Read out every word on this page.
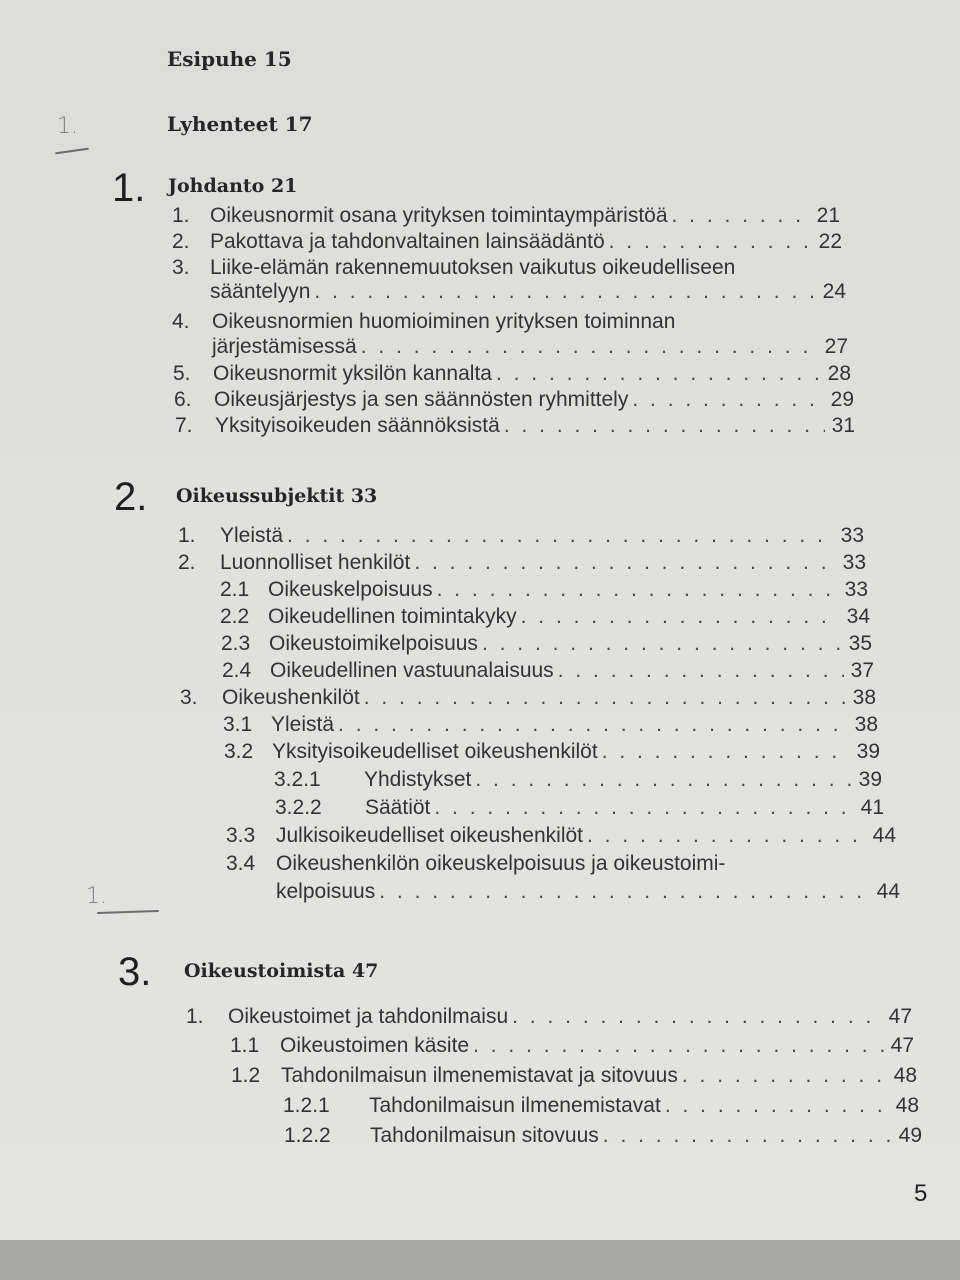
Esipuhe 15
Lyhenteet 17
1.
1.
1. Johdanto 21
1. Oikeusnormit osana yrityksen toimintaympäristöä . . .	21
2. Pakottava ja tahdonvaltainen lainsäädäntö . . .	22
3. Liike-elämän rakennemuutoksen vaikutus oikeudelliseen
sääntelyyn . . .	24
4.	Oikeusnormien huomioiminen yrityksen toiminnan
järjestämisessä . . .	27
5.	Oikeusnormit yksilön kannalta . . .	28
6.	Oikeusjärjestys ja sen säännösten ryhmittely . . .	29
7.	Yksityisoikeuden säännöksistä . . .	31
2. Oikeussubjektit 33
1.	Yleistä . . .	33
2.	Luonnolliset henkilöt . . .	33
2.1 Oikeuskelpoisuus . . .	33
2.2 Oikeudellinen toimintakyky . . .	34
2.3 Oikeustoimikelpoisuus . . .	35
2.4 Oikeudellinen vastuunalaisuus . . .	37
3.	Oikeushenkilöt . . .	38
3.1 Yleistä . . .	38
3.2 Yksityisoikeudelliset oikeushenkilöt . . .	39
3.2.1	Yhdistykset . . .	39
3.2.2	Säätiöt . . .	41
3.3 Julkisoikeudelliset oikeushenkilöt . . .	44
3.4 Oikeushenkilön oikeuskelpoisuus ja oikeustoimi-
kelpoisuus . . .	44
3. Oikeustoimista 47
1.	Oikeustoimet ja tahdonilmaisu . . .	47
1.1 Oikeustoimen käsite . . .	47
1.2 Tahdonilmaisun ilmenemistavat ja sitovuus . . .	48
1.2.1	Tahdonilmaisun ilmenemistavat . . .	48
1.2.2	Tahdonilmaisun sitovuus . . .	49
5
